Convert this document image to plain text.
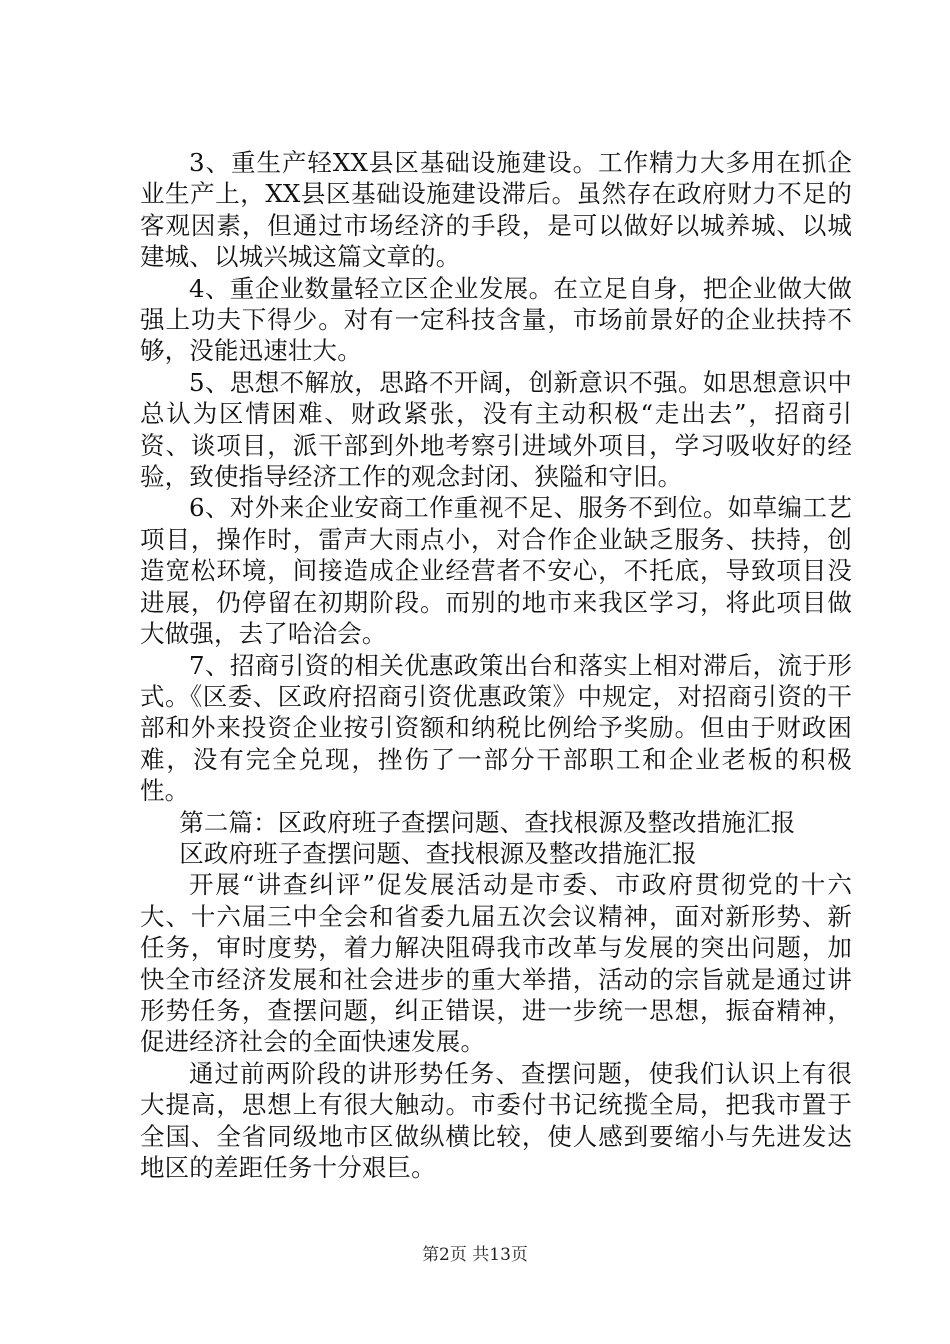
3、重生产轻XX县区基础设施建设。工作精力大多用在抓企业生产上，XX县区基础设施建设滞后。虽然存在政府财力不足的客观因素，但通过市场经济的手段，是可以做好以城养城、以城建城、以城兴城这篇文章的。

4、重企业数量轻立区企业发展。在立足自身，把企业做大做强上功夫下得少。对有一定科技含量，市场前景好的企业扶持不够，没能迅速壮大。

5、思想不解放，思路不开阔，创新意识不强。如思想意识中总认为区情困难、财政紧张，没有主动积极“走出去”，招商引资、谈项目，派干部到外地考察引进域外项目，学习吸收好的经验，致使指导经济工作的观念封闭、狭隘和守旧。

6、对外来企业安商工作重视不足、服务不到位。如草编工艺项目，操作时，雷声大雨点小，对合作企业缺乏服务、扶持，创造宽松环境，间接造成企业经营者不安心，不托底，导致项目没进展，仍停留在初期阶段。而别的地市来我区学习，将此项目做大做强，去了哈洽会。

7、招商引资的相关优惠政策出台和落实上相对滞后，流于形式。《区委、区政府招商引资优惠政策》中规定，对招商引资的干部和外来投资企业按引资额和纳税比例给予奖励。但由于财政困难，没有完全兑现，挫伤了一部分干部职工和企业老板的积极性。

第二篇：区政府班子查摆问题、查找根源及整改措施汇报

区政府班子查摆问题、查找根源及整改措施汇报

开展“讲查纠评”促发展活动是市委、市政府贯彻党的十六大、十六届三中全会和省委九届五次会议精神，面对新形势、新任务，审时度势，着力解决阻碍我市改革与发展的突出问题，加快全市经济发展和社会进步的重大举措，活动的宗旨就是通过讲形势任务，查摆问题，纠正错误，进一步统一思想，振奋精神，促进经济社会的全面快速发展。

通过前两阶段的讲形势任务、查摆问题，使我们认识上有很大提高，思想上有很大触动。市委付书记统揽全局，把我市置于全国、全省同级地市区做纵横比较，使人感到要缩小与先进发达地区的差距任务十分艰巨。

第2页 共13页
